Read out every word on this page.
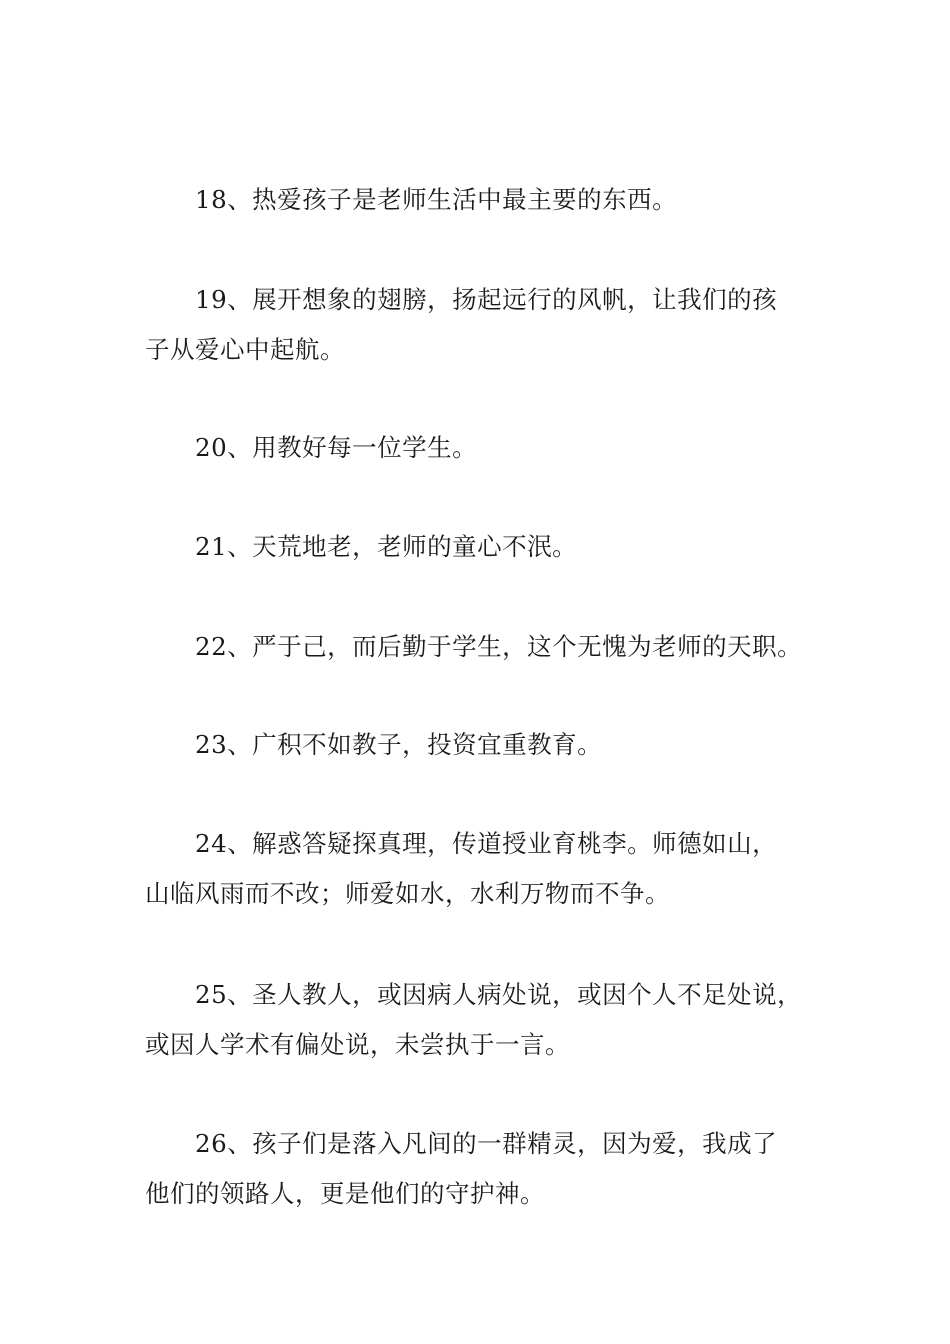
18、热爱孩子是老师生活中最主要的东西。

19、展开想象的翅膀，扬起远行的风帆，让我们的孩
子从爱心中起航。

20、用教好每一位学生。

21、天荒地老，老师的童心不泯。

22、严于己，而后勤于学生，这个无愧为老师的天职。

23、广积不如教子，投资宜重教育。

24、解惑答疑探真理，传道授业育桃李。师德如山，
山临风雨而不改；师爱如水，水利万物而不争。

25、圣人教人，或因病人病处说，或因个人不足处说，
或因人学术有偏处说，未尝执于一言。

26、孩子们是落入凡间的一群精灵，因为爱，我成了
他们的领路人，更是他们的守护神。
